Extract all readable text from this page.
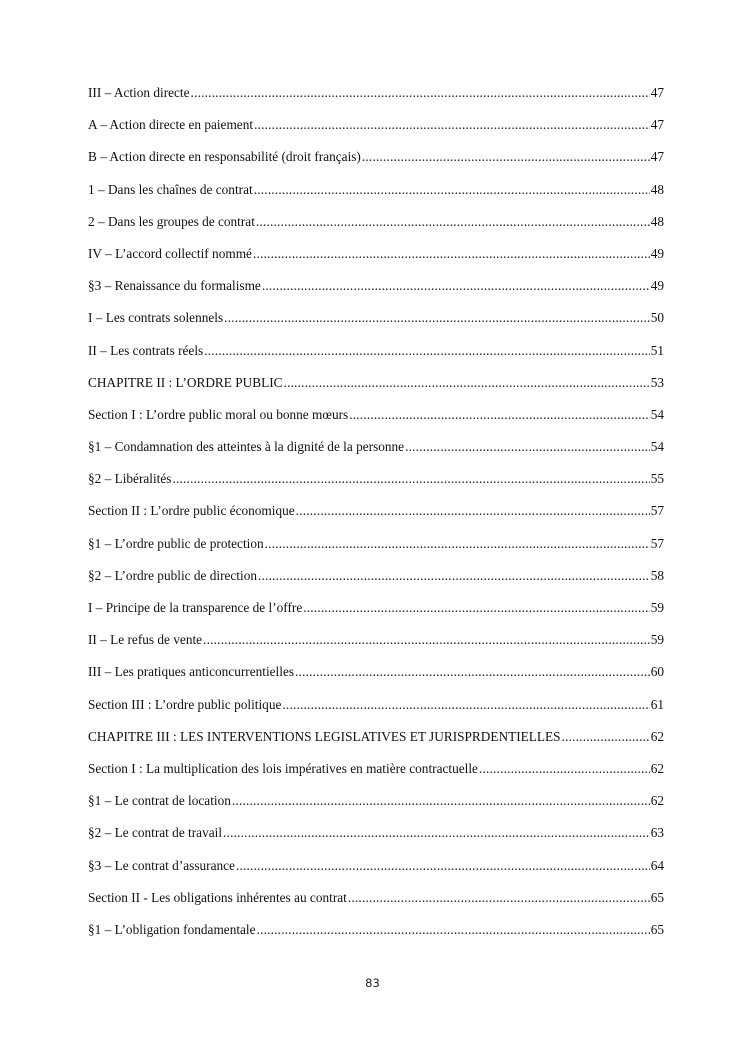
III – Action directe .....	47
A – Action directe en paiement .....	47
B – Action directe en responsabilité (droit français) .....	47
1 – Dans les chaînes de contrat .....	48
2 – Dans les groupes de contrat .....	48
IV – L’accord collectif nommé .....	49
§3 – Renaissance du formalisme .....	49
I – Les contrats solennels .....	50
II – Les contrats réels .....	51
CHAPITRE II : L’ORDRE PUBLIC .....	53
Section I : L’ordre public moral ou bonne mœurs .....	54
§1 – Condamnation des atteintes à la dignité de la personne .....	54
§2 – Libéralités .....	55
Section II : L’ordre public économique .....	57
§1 – L’ordre public de protection .....	57
§2 – L’ordre public de direction .....	58
I – Principe de la transparence de l’offre .....	59
II – Le refus de vente .....	59
III – Les pratiques anticoncurrentielles .....	60
Section III : L’ordre public politique .....	61
CHAPITRE III : LES INTERVENTIONS LEGISLATIVES ET JURISPRDENTIELLES .....	62
Section I : La multiplication des lois impératives en matière contractuelle .....	62
§1 – Le contrat de location .....	62
§2 – Le contrat de travail .....	63
§3 – Le contrat d’assurance .....	64
Section II - Les obligations inhérentes au contrat .....	65
§1 – L’obligation fondamentale .....	65
83
